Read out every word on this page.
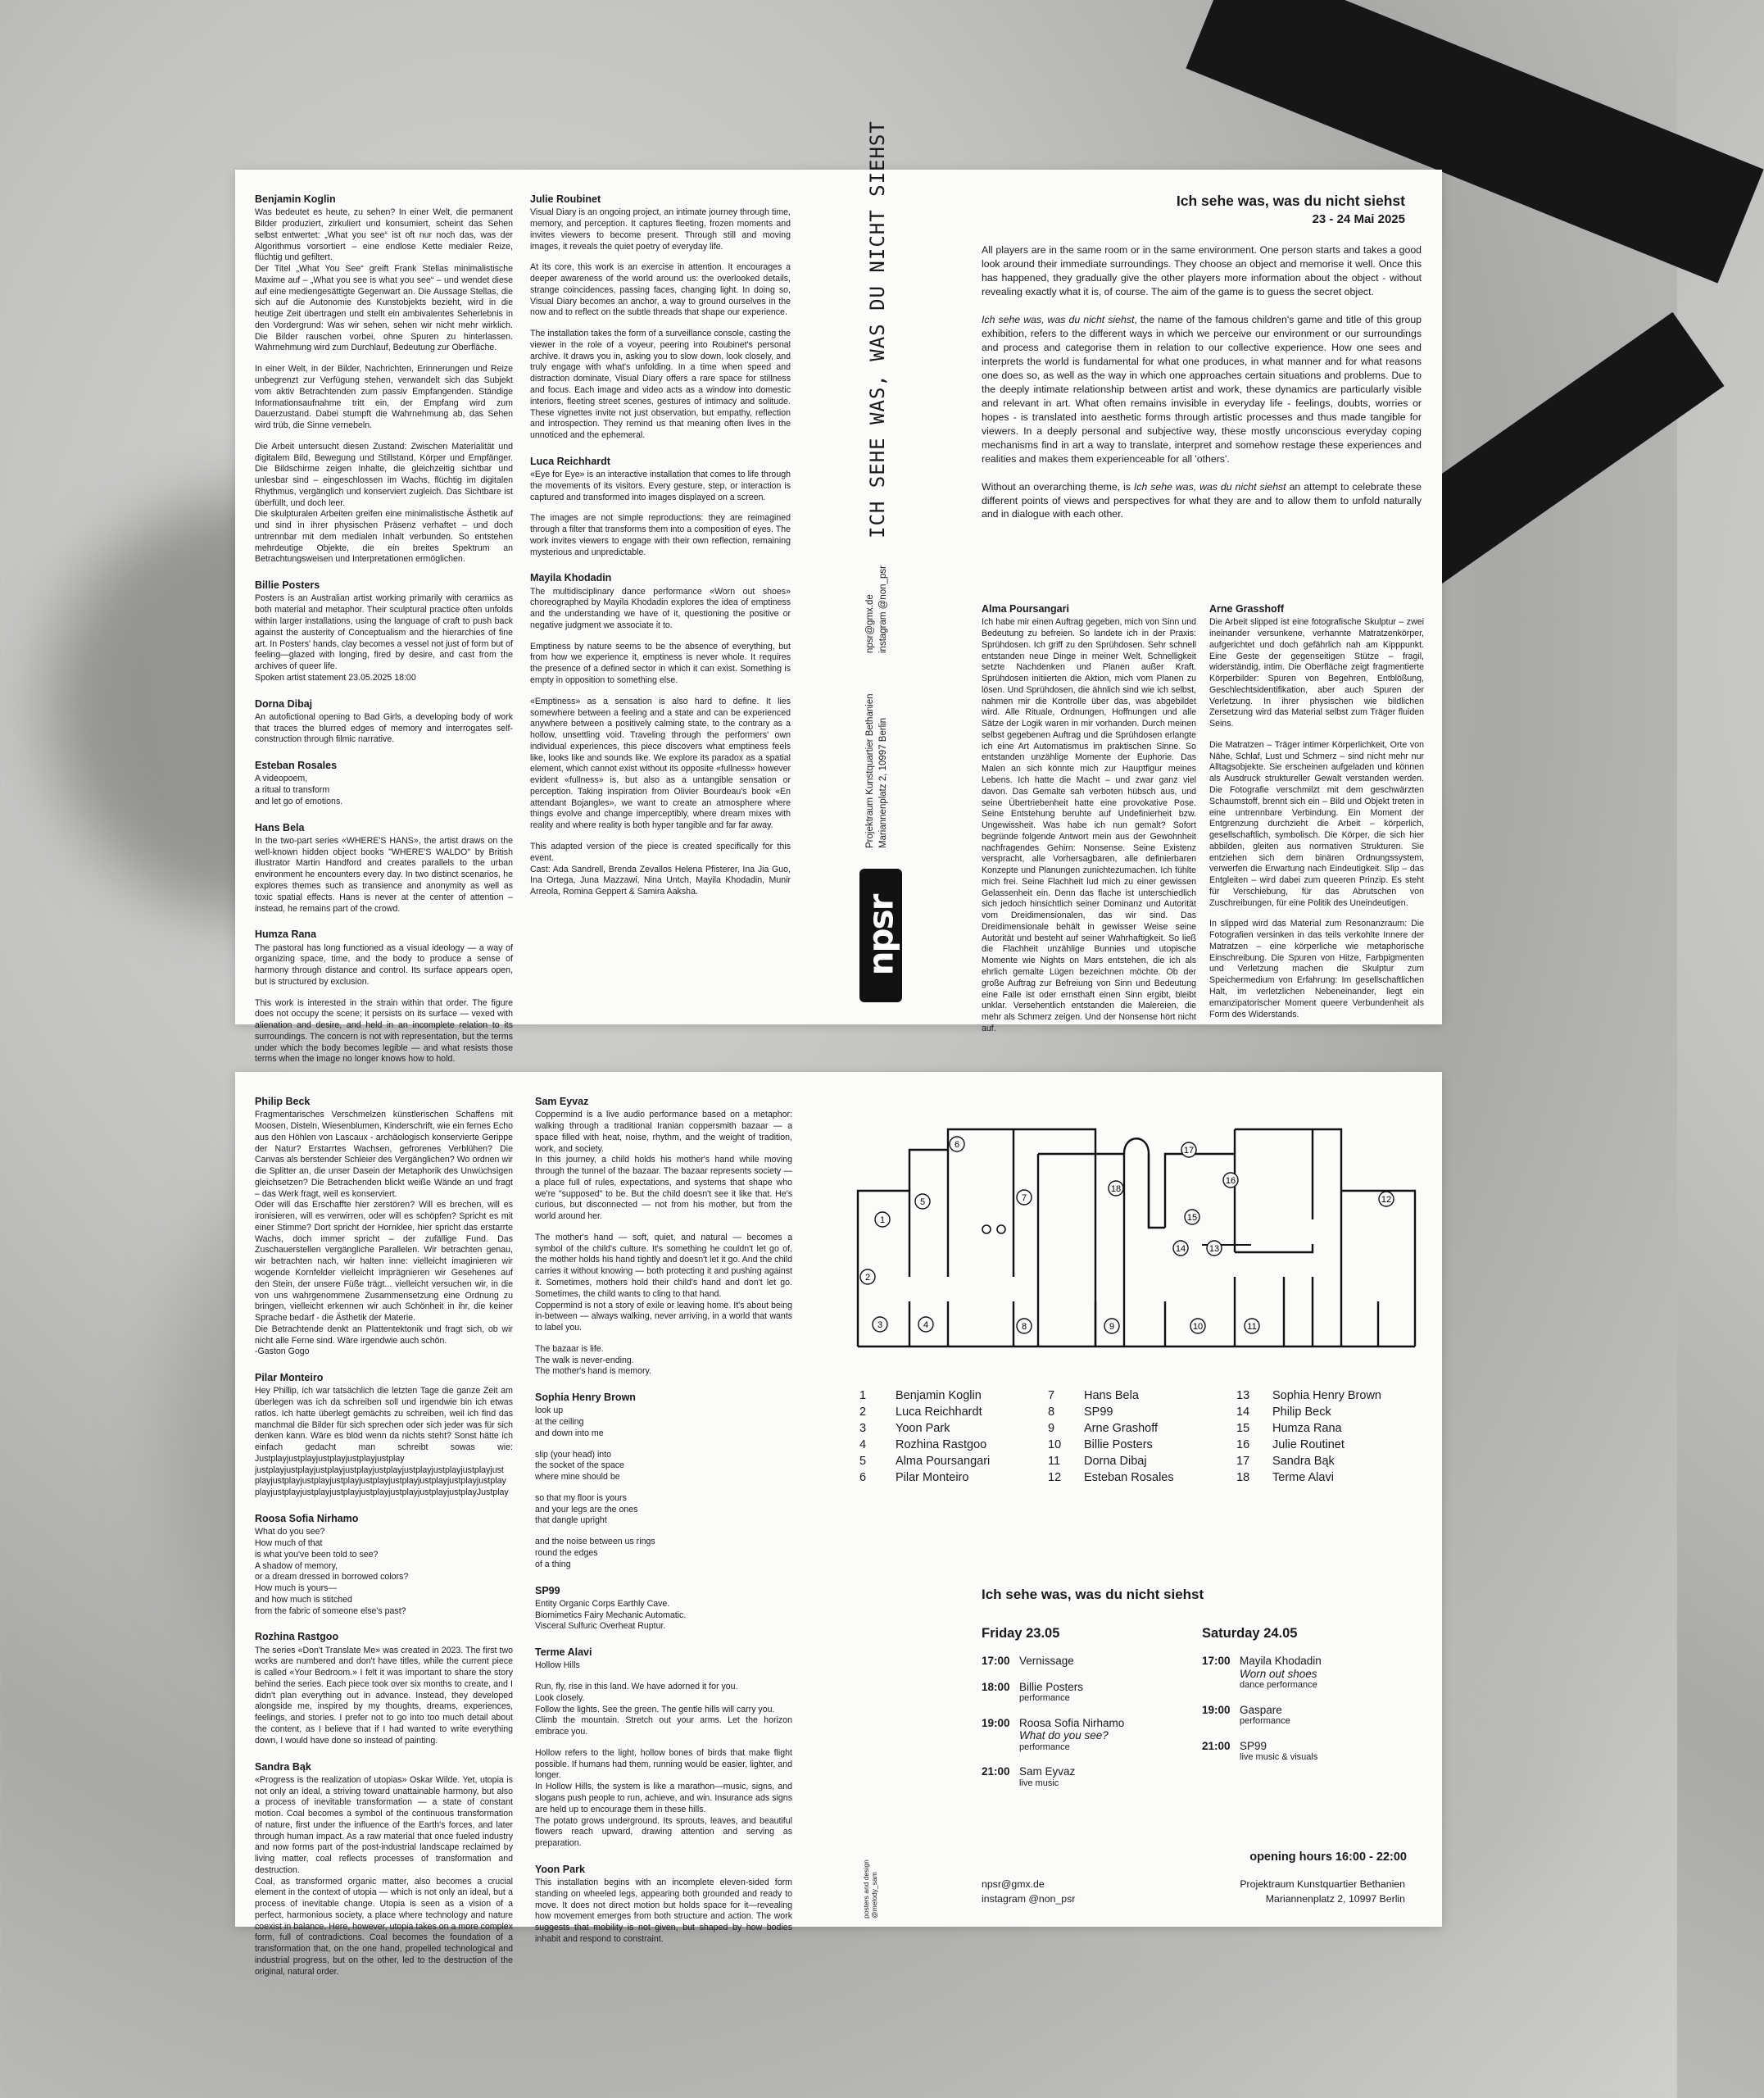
Benjamin Koglin

Was bedeutet es heute, zu sehen? In einer Welt, die permanent Bilder produziert, zirkuliert und konsumiert, scheint das Sehen selbst entwertet: „What you see“ ist oft nur noch das, was der Algorithmus vorsortiert – eine endlose Kette medialer Reize, flüchtig und gefiltert.
Der Titel „What You See“ greift Frank Stellas minimalistische Maxime auf – „What you see is what you see“ – und wendet diese auf eine mediengesättigte Gegenwart an. Die Aussage Stellas, die sich auf die Autonomie des Kunstobjekts bezieht, wird in die heutige Zeit übertragen und stellt ein ambivalentes Seherlebnis in den Vordergrund: Was wir sehen, sehen wir nicht mehr wirklich. Die Bilder rauschen vorbei, ohne Spuren zu hinterlassen. Wahrnehmung wird zum Durchlauf, Bedeutung zur Oberfläche.

In einer Welt, in der Bilder, Nachrichten, Erinnerungen und Reize unbegrenzt zur Verfügung stehen, verwandelt sich das Subjekt vom aktiv Betrachtenden zum passiv Empfangenden. Ständige Informationsaufnahme tritt ein, der Empfang wird zum Dauerzustand. Dabei stumpft die Wahrnehmung ab, das Sehen wird trüb, die Sinne vernebeln.

Die Arbeit untersucht diesen Zustand: Zwischen Materialität und digitalem Bild, Bewegung und Stillstand, Körper und Empfänger. Die Bildschirme zeigen Inhalte, die gleichzeitig sichtbar und unlesbar sind – eingeschlossen im Wachs, flüchtig im digitalen Rhythmus, vergänglich und konserviert zugleich. Das Sichtbare ist überfüllt, und doch leer.
Die skulpturalen Arbeiten greifen eine minimalistische Ästhetik auf und sind in ihrer physischen Präsenz verhaftet – und doch untrennbar mit dem medialen Inhalt verbunden. So entstehen mehrdeutige Objekte, die ein breites Spektrum an Betrachtungsweisen und Interpretationen ermöglichen.

Billie Posters

Posters is an Australian artist working primarily with ceramics as both material and metaphor. Their sculptural practice often unfolds within larger installations, using the language of craft to push back against the austerity of Conceptualism and the hierarchies of fine art. In Posters' hands, clay becomes a vessel not just of form but of feeling—glazed with longing, fired by desire, and cast from the archives of queer life.
Spoken artist statement 23.05.2025 18:00

Dorna Dibaj

An autofictional opening to Bad Girls, a developing body of work that traces the blurred edges of memory and interrogates self-construction through filmic narrative.

Esteban Rosales

A videopoem,
a ritual to transform
and let go of emotions.

Hans Bela

In the two-part series «WHERE'S HANS», the artist draws on the well-known hidden object books "WHERE'S WALDO" by British illustrator Martin Handford and creates parallels to the urban environment he encounters every day. In two distinct scenarios, he explores themes such as transience and anonymity as well as toxic spatial effects. Hans is never at the center of attention – instead, he remains part of the crowd.

Humza Rana

The pastoral has long functioned as a visual ideology — a way of organizing space, time, and the body to produce a sense of harmony through distance and control. Its surface appears open, but is structured by exclusion.

This work is interested in the strain within that order. The figure does not occupy the scene; it persists on its surface — vexed with alienation and desire, and held in an incomplete relation to its surroundings. The concern is not with representation, but the terms under which the body becomes legible — and what resists those terms when the image no longer knows how to hold.

Julie Roubinet

Visual Diary is an ongoing project, an intimate journey through time, memory, and perception. It captures fleeting, frozen moments and invites viewers to become present. Through still and moving images, it reveals the quiet poetry of everyday life.

At its core, this work is an exercise in attention. It encourages a deeper awareness of the world around us: the overlooked details, strange coincidences, passing faces, changing light. In doing so, Visual Diary becomes an anchor, a way to ground ourselves in the now and to reflect on the subtle threads that shape our experience.

The installation takes the form of a surveillance console, casting the viewer in the role of a voyeur, peering into Roubinet's personal archive. It draws you in, asking you to slow down, look closely, and truly engage with what's unfolding. In a time when speed and distraction dominate, Visual Diary offers a rare space for stillness and focus. Each image and video acts as a window into domestic interiors, fleeting street scenes, gestures of intimacy and solitude. These vignettes invite not just observation, but empathy, reflection and introspection. They remind us that meaning often lives in the unnoticed and the ephemeral.

Luca Reichhardt

«Eye for Eye» is an interactive installation that comes to life through the movements of its visitors. Every gesture, step, or interaction is captured and transformed into images displayed on a screen.

The images are not simple reproductions: they are reimagined through a filter that transforms them into a composition of eyes. The work invites viewers to engage with their own reflection, remaining mysterious and unpredictable.

Mayila Khodadin

The multidisciplinary dance performance «Worn out shoes» choreographed by Mayila Khodadin explores the idea of emptiness and the understanding we have of it, questioning the positive or negative judgment we associate it to.

Emptiness by nature seems to be the absence of everything, but from how we experience it, emptiness is never whole. It requires the presence of a defined sector in which it can exist. Something is empty in opposition to something else.

«Emptiness» as a sensation is also hard to define. It lies somewhere between a feeling and a state and can be experienced anywhere between a positively calming state, to the contrary as a hollow, unsettling void. Traveling through the performers' own individual experiences, this piece discovers what emptiness feels like, looks like and sounds like. We explore its paradox as a spatial element, which cannot exist without its opposite «fullness» however evident «fullness» is, but also as a untangible sensation or perception. Taking inspiration from Olivier Bourdeau's book «En attendant Bojangles», we want to create an atmosphere where things evolve and change imperceptibly, where dream mixes with reality and where reality is both hyper tangible and far far away.

This adapted version of the piece is created specifically for this event.
Cast: Ada Sandrell, Brenda Zevallos Helena Pfisterer, Ina Jia Guo, Ina Ortega, Juna Mazzawi, Nina Untch, Mayila Khodadin, Munir Arreola, Romina Geppert & Samira Aaksha.

ICH SEHE WAS, WAS DU NICHT SIEHST
npsr@gmx.de
instagram @non_psr
Projektraum Kunstquartier Bethanien
Mariannenplatz 2, 10997 Berlin
npsr
Ich sehe was, was du nicht siehst
23 - 24 Mai 2025

All players are in the same room or in the same environment. One person starts and takes a good look around their immediate surroundings. They choose an object and memorise it well. Once this has happened, they gradually give the other players more information about the object - without revealing exactly what it is, of course. The aim of the game is to guess the secret object.

Ich sehe was, was du nicht siehst, the name of the famous children's game and title of this group exhibition, refers to the different ways in which we perceive our environment or our surroundings and process and categorise them in relation to our collective experience. How one sees and interprets the world is fundamental for what one produces, in what manner and for what reasons one does so, as well as the way in which one approaches certain situations and problems. Due to the deeply intimate relationship between artist and work, these dynamics are particularly visible and relevant in art. What often remains invisible in everyday life - feelings, doubts, worries or hopes - is translated into aesthetic forms through artistic processes and thus made tangible for viewers. In a deeply personal and subjective way, these mostly unconscious everyday coping mechanisms find in art a way to translate, interpret and somehow restage these experiences and realities and makes them experienceable for all 'others'.

Without an overarching theme, is Ich sehe was, was du nicht siehst an attempt to celebrate these different points of views and perspectives for what they are and to allow them to unfold naturally and in dialogue with each other.

Alma Poursangari

Ich habe mir einen Auftrag gegeben, mich von Sinn und Bedeutung zu befreien. So landete ich in der Praxis: Sprühdosen. Ich griff zu den Sprühdosen. Sehr schnell entstanden neue Dinge in meiner Welt. Schnelligkeit setzte Nachdenken und Planen außer Kraft. Sprühdosen initiierten die Aktion, mich vom Planen zu lösen. Und Sprühdosen, die ähnlich sind wie ich selbst, nahmen mir die Kontrolle über das, was abgebildet wird. Alle Rituale, Ordnungen, Hoffnungen und alle Sätze der Logik waren in mir vorhanden. Durch meinen selbst gegebenen Auftrag und die Sprühdosen erlangte ich eine Art Automatismus im praktischen Sinne. So entstanden unzählige Momente der Euphorie. Das Malen an sich könnte mich zur Hauptfigur meines Lebens. Ich hatte die Macht – und zwar ganz viel davon. Das Gemalte sah verboten hübsch aus, und seine Übertriebenheit hatte eine provokative Pose. Seine Entstehung beruhte auf Undefinierheit bzw. Ungewissheit. Was habe ich nun gemalt? Sofort begründe folgende Antwort mein aus der Gewohnheit nachfragendes Gehirn: Nonsense. Seine Existenz verspracht, alle Vorhersagbaren, alle definierbaren Konzepte und Planungen zunichtezumachen. Ich fühlte mich frei. Seine Flachheit lud mich zu einer gewissen Gelassenheit ein. Denn das flache ist unterschiedlich sich jedoch hinsichtlich seiner Dominanz und Autorität vom Dreidimensionalen, das wir sind. Das Dreidimensionale behält in gewisser Weise seine Autorität und besteht auf seiner Wahrhaftigkeit. So ließ die Flachheit unzählige Bunnies und utopische Momente wie Nights on Mars entstehen, die ich als ehrlich gemalte Lügen bezeichnen möchte. Ob der große Auftrag zur Befreiung von Sinn und Bedeutung eine Falle ist oder ernsthaft einen Sinn ergibt, bleibt unklar. Versehentlich entstanden die Malereien, die mehr als Schmerz zeigen. Und der Nonsense hört nicht auf.

Arne Grasshoff

Die Arbeit slipped ist eine fotografische Skulptur – zwei ineinander versunkene, verhannte Matratzenkörper, aufgerichtet und doch gefährlich nah am Kipppunkt. Eine Geste der gegenseitigen Stütze – fragil, widerständig, intim. Die Oberfläche zeigt fragmentierte Körperbilder: Spuren von Begehren, Entblößung, Geschlechtsidentifikation, aber auch Spuren der Verletzung. In ihrer physischen wie bildlichen Zersetzung wird das Material selbst zum Träger fluiden Seins.

Die Matratzen – Träger intimer Körperlichkeit, Orte von Nähe, Schlaf, Lust und Schmerz – sind nicht mehr nur Alltagsobjekte. Sie erscheinen aufgeladen und können als Ausdruck struktureller Gewalt verstanden werden. Die Fotografie verschmilzt mit dem geschwärzten Schaumstoff, brennt sich ein – Bild und Objekt treten in eine untrennbare Verbindung. Ein Moment der Entgrenzung durchzieht die Arbeit – körperlich, gesellschaftlich, symbolisch. Die Körper, die sich hier abbilden, gleiten aus normativen Strukturen. Sie entziehen sich dem binären Ordnungssystem, verwerfen die Erwartung nach Eindeutigkeit. Slip – das Entgleiten – wird dabei zum queeren Prinzip. Es steht für Verschiebung, für das Abrutschen von Zuschreibungen, für eine Politik des Uneindeutigen.

In slipped wird das Material zum Resonanzraum: Die Fotografien versinken in das teils verkohlte Innere der Matratzen – eine körperliche wie metaphorische Einschreibung. Die Spuren von Hitze, Farbpigmenten und Verletzung machen die Skulptur zum Speichermedium von Erfahrung: Im gesellschaftlichen Halt, im verletzlichen Nebeneinander, liegt ein emanzipatorischer Moment queere Verbundenheit als Form des Widerstands.

Philip Beck

Fragmentarisches Verschmelzen künstlerischen Schaffens mit Moosen, Disteln, Wiesenblumen, Kinderschrift, wie ein fernes Echo aus den Höhlen von Lascaux - archäologisch konservierte Gerippe der Natur? Erstarrtes Wachsen, gefrorenes Verblühen? Die Canvas als berstender Schleier des Vergänglichen? Wo ordnen wir die Splitter an, die unser Dasein der Metaphorik des Unwüchsigen gleichsetzen? Die Betrachenden blickt weiße Wände an und fragt – das Werk fragt, weil es konserviert.
Oder will das Erschaffte hier zerstören? Will es brechen, will es ironisieren, will es verwirren, oder will es schöpfen? Spricht es mit einer Stimme? Dort spricht der Hornklee, hier spricht das erstarrte Wachs, doch immer spricht – der zufällige Fund. Das Zuschauerstellen vergängliche Parallelen. Wir betrachten genau, wir betrachten nach, wir halten inne: vielleicht imaginieren wir wogende Kornfelder vielleicht imprägnieren wir Gesehenes auf den Stein, der unsere Füße trägt... vielleicht versuchen wir, in die von uns wahrgenommene Zusammensetzung eine Ordnung zu bringen, vielleicht erkennen wir auch Schönheit in ihr, die keiner Sprache bedarf - die Ästhetik der Materie.
Die Betrachtende denkt an Plattentektonik und fragt sich, ob wir nicht alle Ferne sind. Wäre irgendwie auch schön.
-Gaston Gogo

Pilar Monteiro

Hey Phillip, ich war tatsächlich die letzten Tage die ganze Zeit am überlegen was ich da schreiben soll und irgendwie bin ich etwas ratlos. Ich hatte überlegt gemächts zu schreiben, weil ich find das manchmal die Bilder für sich sprechen oder sich jeder was für sich denken kann. Wäre es blöd wenn da nichts steht? Sonst hätte ich einfach gedacht man schreibt sowas wie: Justplayjustplayjustplayjustplayjustplay justplayjustplayjustplayjustplayjustplayjustplayjustplayjustplayjust playjustplayjustplayjustplayjustplayjustplayjustplayjustplayjustplay playjustplayjustplayjustplayjustplayjustplayjustplayjustplayJustplay

Roosa Sofia Nirhamo

What do you see?
How much of that
is what you've been told to see?
A shadow of memory,
or a dream dressed in borrowed colors?
How much is yours—
and how much is stitched
from the fabric of someone else's past?

Rozhina Rastgoo

The series «Don't Translate Me» was created in 2023. The first two works are numbered and don't have titles, while the current piece is called «Your Bedroom.» I felt it was important to share the story behind the series. Each piece took over six months to create, and I didn't plan everything out in advance. Instead, they developed alongside me, inspired by my thoughts, dreams, experiences, feelings, and stories. I prefer not to go into too much detail about the content, as I believe that if I had wanted to write everything down, I would have done so instead of painting.

Sandra Bąk

«Progress is the realization of utopias» Oskar Wilde. Yet, utopia is not only an ideal, a striving toward unattainable harmony, but also a process of inevitable transformation — a state of constant motion. Coal becomes a symbol of the continuous transformation of nature, first under the influence of the Earth's forces, and later through human impact. As a raw material that once fueled industry and now forms part of the post-industrial landscape reclaimed by living matter, coal reflects processes of transformation and destruction.
Coal, as transformed organic matter, also becomes a crucial element in the context of utopia — which is not only an ideal, but a process of inevitable change. Utopia is seen as a vision of a perfect, harmonious society, a place where technology and nature coexist in balance. Here, however, utopia takes on a more complex form, full of contradictions. Coal becomes the foundation of a transformation that, on the one hand, propelled technological and industrial progress, but on the other, led to the destruction of the original, natural order.

Sam Eyvaz

Coppermind is a live audio performance based on a metaphor: walking through a traditional Iranian coppersmith bazaar — a space filled with heat, noise, rhythm, and the weight of tradition, work, and society.
In this journey, a child holds his mother's hand while moving through the tunnel of the bazaar. The bazaar represents society — a place full of rules, expectations, and systems that shape who we're "supposed" to be. But the child doesn't see it like that. He's curious, but disconnected — not from his mother, but from the world around her.

The mother's hand — soft, quiet, and natural — becomes a symbol of the child's culture. It's something he couldn't let go of, the mother holds his hand tightly and doesn't let it go. And the child carries it without knowing — both protecting it and pushing against it. Sometimes, mothers hold their child's hand and don't let go. Sometimes, the child wants to cling to that hand.
Coppermind is not a story of exile or leaving home. It's about being in-between — always walking, never arriving, in a world that wants to label you.

The bazaar is life.
The walk is never-ending.
The mother's hand is memory.

Sophia Henry Brown

look up
at the ceiling
and down into me

slip (your head) into
the socket of the space
where mine should be

so that my floor is yours
and your legs are the ones
that dangle upright

and the noise between us rings
round the edges
of a thing

SP99

Entity Organic Corps Earthly Cave.
Biomimetics Fairy Mechanic Automatic.
Visceral Sulfuric Overheat Ruptur.

Terme Alavi

Hollow Hills

Run, fly, rise in this land. We have adorned it for you.
Look closely.
Follow the lights. See the green. The gentle hills will carry you.
Climb the mountain. Stretch out your arms. Let the horizon embrace you.

Hollow refers to the light, hollow bones of birds that make flight possible. If humans had them, running would be easier, lighter, and longer.
In Hollow Hills, the system is like a marathon—music, signs, and slogans push people to run, achieve, and win. Insurance ads signs are held up to encourage them in these hills.
The potato grows underground. Its sprouts, leaves, and beautiful flowers reach upward, drawing attention and serving as preparation.

Yoon Park

This installation begins with an incomplete eleven-sided form standing on wheeled legs, appearing both grounded and ready to move. It does not direct motion but holds space for it—revealing how movement emerges from both structure and action. The work suggests that mobility is not given, but shaped by how bodies inhabit and respond to constraint.

1
2
3	4
5
6
7
8	9	10	11
12
13
14
15
16
17
18
1	Benjamin Koglin
2	Luca Reichhardt
3	Yoon Park
4	Rozhina Rastgoo
5	Alma Poursangari
6	Pilar Monteiro
7	Hans Bela
8	SP99
9	Arne Grashoff
10	Billie Posters
11	Dorna Dibaj
12	Esteban Rosales
13	Sophia Henry Brown
14	Philip Beck
15	Humza Rana
16	Julie Routinet
17	Sandra Bąk
18	Terme Alavi
Ich sehe was, was du nicht siehst
Friday 23.05
17:00 Vernissage
18:00 Billie Posters
performance
19:00 Roosa Sofia Nirhamo
What do you see?
performance
21:00 Sam Eyvaz
live music
Saturday 24.05
17:00 Mayila Khodadin
Worn out shoes
dance performance
19:00 Gaspare
performance
21:00 SP99
live music & visuals
opening hours 16:00 - 22:00
npsr@gmx.de
instagram @non_psr
Projektraum Kunstquartier Bethanien
Mariannenplatz 2, 10997 Berlin
posters and design
@melody_sam
